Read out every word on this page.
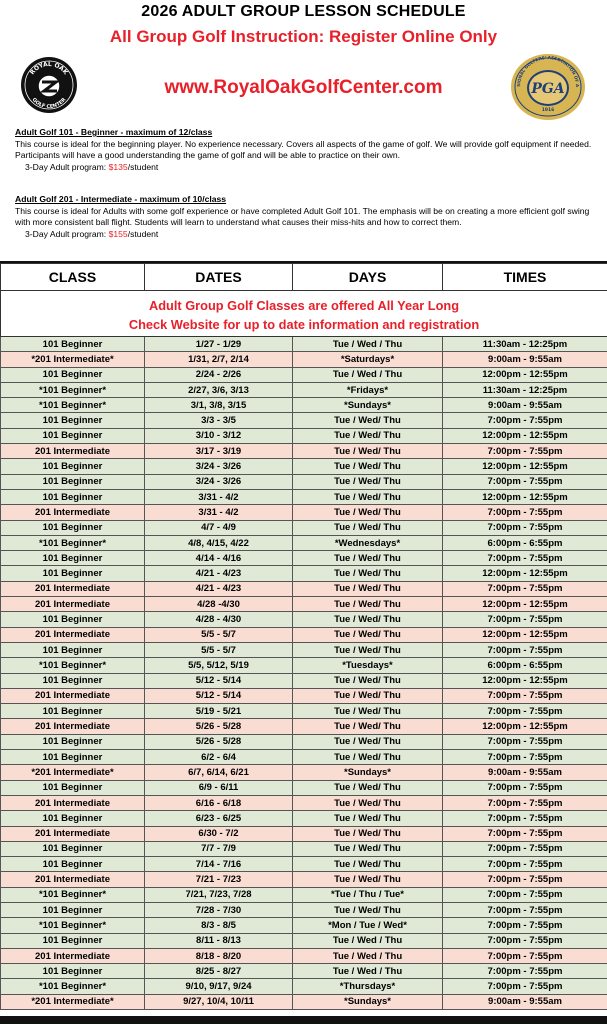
2026 ADULT GROUP LESSON SCHEDULE
All Group Golf Instruction: Register Online Only
ROYAL OAK
GOLF CENTER
www.RoyalOakGolfCenter.com	SIONAL GOLFERS' ASSOCIATION OF A
PGA
1916
Adult Golf 101 - Beginner - maximum of 12/class
This course is ideal for the beginning player. No experience necessary. Covers all aspects of the game of golf. We will provide golf equipment if needed. Participants will have a good understanding the game of golf and will be able to practice on their own.
3-Day Adult program: $135/student
Adult Golf 201 - Intermediate - maximum of 10/class
This course is ideal for Adults with some golf experience or have completed Adult Golf 101. The emphasis will be on creating a more efficient golf swing with more consistent ball flight. Students will learn to understand what causes their miss-hits and how to correct them.
3-Day Adult program: $155/student
CLASS	DATES	DAYS	TIMES

Adult Group Golf Classes are offered All Year Long
Check Website for up to date information and registration			

101 Beginner	1/27 - 1/29	Tue / Wed / Thu	11:30am - 12:25pm
*201 Intermediate*	1/31, 2/7, 2/14	*Saturdays*	9:00am - 9:55am
101 Beginner	2/24 - 2/26	Tue / Wed / Thu	12:00pm - 12:55pm
*101 Beginner*	2/27, 3/6, 3/13	*Fridays*	11:30am - 12:25pm
*101 Beginner*	3/1, 3/8, 3/15	*Sundays*	9:00am - 9:55am
101 Beginner	3/3 - 3/5	Tue / Wed/ Thu	7:00pm - 7:55pm
101 Beginner	3/10 - 3/12	Tue / Wed/ Thu	12:00pm - 12:55pm
201 Intermediate	3/17 - 3/19	Tue / Wed/ Thu	7:00pm - 7:55pm
101 Beginner	3/24 - 3/26	Tue / Wed/ Thu	12:00pm - 12:55pm
101 Beginner	3/24 - 3/26	Tue / Wed/ Thu	7:00pm - 7:55pm
101 Beginner	3/31 - 4/2	Tue / Wed/ Thu	12:00pm - 12:55pm
201 Intermediate	3/31 - 4/2	Tue / Wed/ Thu	7:00pm - 7:55pm
101 Beginner	4/7 - 4/9	Tue / Wed/ Thu	7:00pm - 7:55pm
*101 Beginner*	4/8, 4/15, 4/22	*Wednesdays*	6:00pm - 6:55pm
101 Beginner	4/14 - 4/16	Tue / Wed/ Thu	7:00pm - 7:55pm
101 Beginner	4/21 - 4/23	Tue / Wed/ Thu	12:00pm - 12:55pm
201 Intermediate	4/21 - 4/23	Tue / Wed/ Thu	7:00pm - 7:55pm
201 Intermediate	4/28 -4/30	Tue / Wed/ Thu	12:00pm - 12:55pm
101 Beginner	4/28 - 4/30	Tue / Wed/ Thu	7:00pm - 7:55pm
201 Intermediate	5/5 - 5/7	Tue / Wed/ Thu	12:00pm - 12:55pm
101 Beginner	5/5 - 5/7	Tue / Wed/ Thu	7:00pm - 7:55pm
*101 Beginner*	5/5, 5/12, 5/19	*Tuesdays*	6:00pm - 6:55pm
101 Beginner	5/12 - 5/14	Tue / Wed/ Thu	12:00pm - 12:55pm
201 Intermediate	5/12 - 5/14	Tue / Wed/ Thu	7:00pm - 7:55pm
101 Beginner	5/19 - 5/21	Tue / Wed/ Thu	7:00pm - 7:55pm
201 Intermediate	5/26 - 5/28	Tue / Wed/ Thu	12:00pm - 12:55pm
101 Beginner	5/26 - 5/28	Tue / Wed/ Thu	7:00pm - 7:55pm
101 Beginner	6/2 - 6/4	Tue / Wed/ Thu	7:00pm - 7:55pm
*201 Intermediate*	6/7, 6/14, 6/21	*Sundays*	9:00am - 9:55am
101 Beginner	6/9 - 6/11	Tue / Wed/ Thu	7:00pm - 7:55pm
201 Intermediate	6/16 - 6/18	Tue / Wed/ Thu	7:00pm - 7:55pm
101 Beginner	6/23 - 6/25	Tue / Wed/ Thu	7:00pm - 7:55pm
201 Intermediate	6/30 - 7/2	Tue / Wed/ Thu	7:00pm - 7:55pm
101 Beginner	7/7 - 7/9	Tue / Wed/ Thu	7:00pm - 7:55pm
101 Beginner	7/14 - 7/16	Tue / Wed/ Thu	7:00pm - 7:55pm
201 Intermediate	7/21 - 7/23	Tue / Wed/ Thu	7:00pm - 7:55pm
*101 Beginner*	7/21, 7/23, 7/28	*Tue / Thu / Tue*	7:00pm - 7:55pm
101 Beginner	7/28 - 7/30	Tue / Wed/ Thu	7:00pm - 7:55pm
*101 Beginner*	8/3 - 8/5	*Mon / Tue / Wed*	7:00pm - 7:55pm
101 Beginner	8/11 - 8/13	Tue / Wed / Thu	7:00pm - 7:55pm
201 Intermediate	8/18 - 8/20	Tue / Wed / Thu	7:00pm - 7:55pm
101 Beginner	8/25 - 8/27	Tue / Wed / Thu	7:00pm - 7:55pm
*101 Beginner*	9/10, 9/17, 9/24	*Thursdays*	7:00pm - 7:55pm
*201 Intermediate*	9/27, 10/4, 10/11	*Sundays*	9:00am - 9:55am
